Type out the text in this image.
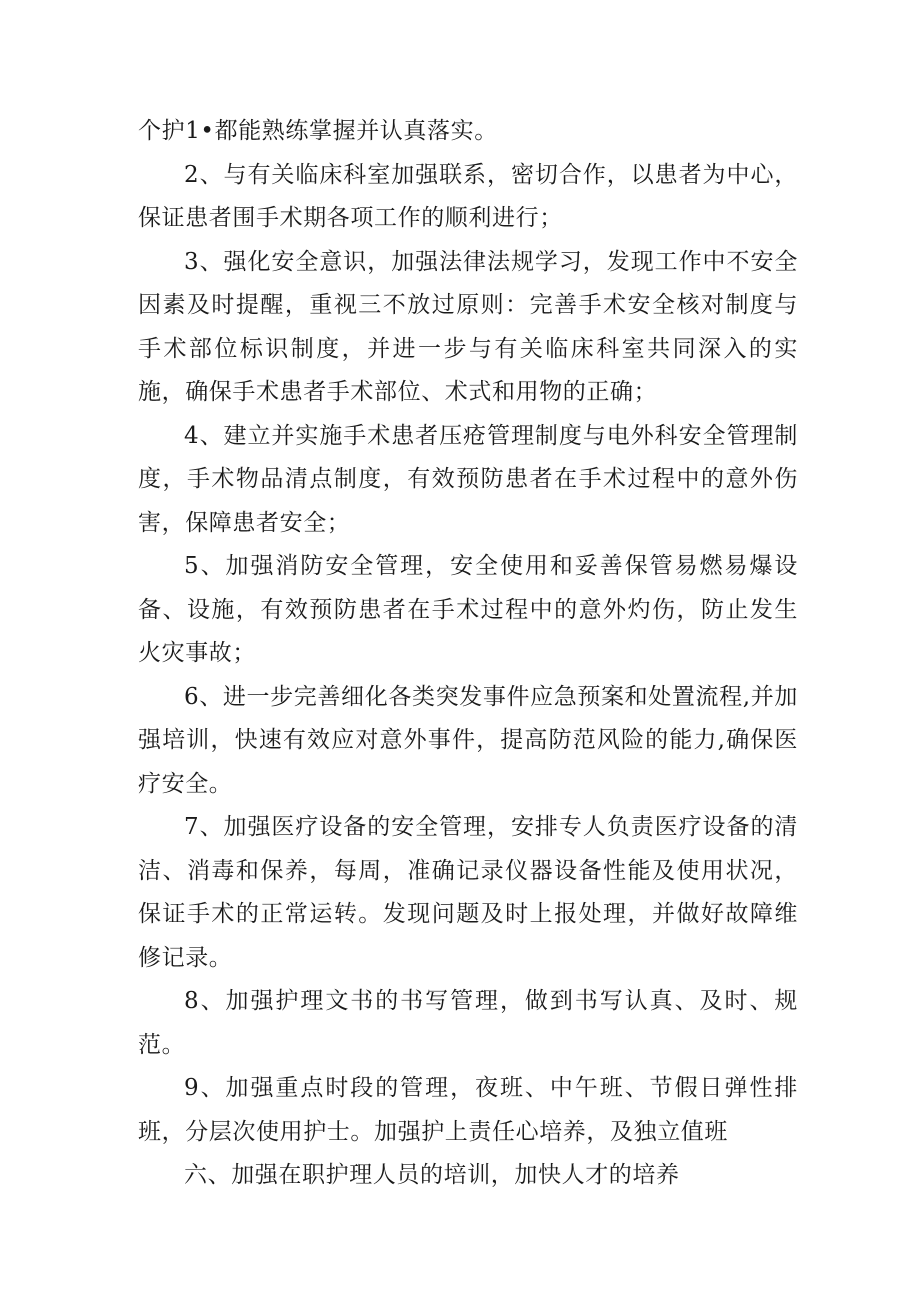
个护1•都能熟练掌握并认真落实。

2、与有关临床科室加强联系，密切合作，以患者为中心，保证患者围手术期各项工作的顺利进行；

3、强化安全意识，加强法律法规学习，发现工作中不安全因素及时提醒，重视三不放过原则：完善手术安全核对制度与手术部位标识制度，并进一步与有关临床科室共同深入的实施，确保手术患者手术部位、术式和用物的正确；

4、建立并实施手术患者压疮管理制度与电外科安全管理制度，手术物品清点制度，有效预防患者在手术过程中的意外伤害，保障患者安全；

5、加强消防安全管理，安全使用和妥善保管易燃易爆设备、设施，有效预防患者在手术过程中的意外灼伤，防止发生火灾事故；

6、进一步完善细化各类突发事件应急预案和处置流程,并加强培训，快速有效应对意外事件，提高防范风险的能力,确保医疗安全。

7、加强医疗设备的安全管理，安排专人负责医疗设备的清洁、消毒和保养，每周，准确记录仪器设备性能及使用状况，保证手术的正常运转。发现问题及时上报处理，并做好故障维修记录。

8、加强护理文书的书写管理，做到书写认真、及时、规范。

9、加强重点时段的管理，夜班、中午班、节假日弹性排班，分层次使用护士。加强护上责任心培养，及独立值班

六、加强在职护理人员的培训，加快人才的培养
